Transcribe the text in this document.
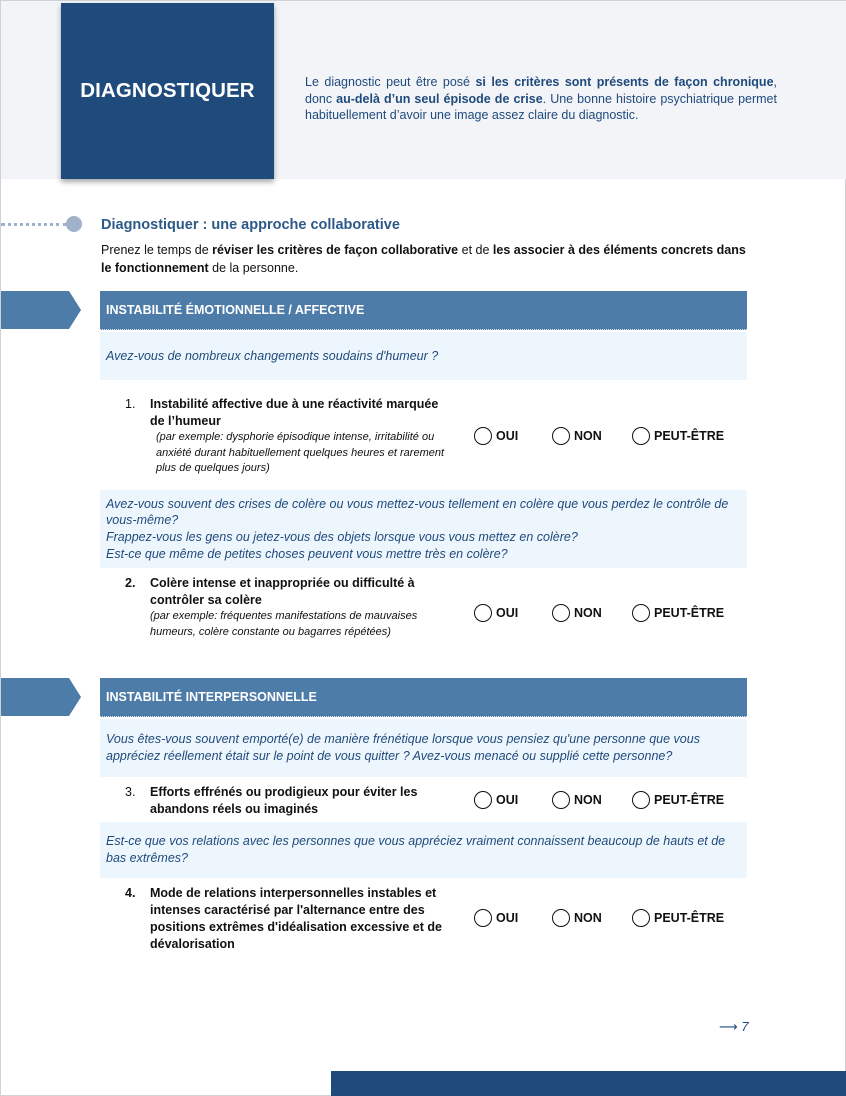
DIAGNOSTIQUER	Le diagnostic peut être posé si les critères sont présents de façon chronique, donc au-delà d’un seul épisode de crise. Une bonne histoire psychiatrique permet habituellement d’avoir une image assez claire du diagnostic.

Diagnostiquer : une approche collaborative

Prenez le temps de réviser les critères de façon collaborative et de les associer à des éléments concrets dans le fonctionnement de la personne.

INSTABILITÉ ÉMOTIONNELLE / AFFECTIVE
Avez-vous de nombreux changements soudains d'humeur ?
1. Instabilité affective due à une réactivité marquée de l’humeur
(par exemple: dysphorie épisodique intense, irritabilité ou anxiété durant habituellement quelques heures et rarement plus de quelques jours)
OUI	NON	PEUT-ÊTRE
Avez-vous souvent des crises de colère ou vous mettez-vous tellement en colère que vous perdez le contrôle de vous-même?
Frappez-vous les gens ou jetez-vous des objets lorsque vous vous mettez en colère?
Est-ce que même de petites choses peuvent vous mettre très en colère?
2. Colère intense et inappropriée ou difficulté à contrôler sa colère
(par exemple: fréquentes manifestations de mauvaises humeurs, colère constante ou bagarres répétées)
OUI	NON	PEUT-ÊTRE
INSTABILITÉ INTERPERSONNELLE
Vous êtes-vous souvent emporté(e) de manière frénétique lorsque vous pensiez qu'une personne que vous appréciez réellement était sur le point de vous quitter ? Avez-vous menacé ou supplié cette personne?
3. Efforts effrénés ou prodigieux pour éviter les abandons réels ou imaginés
OUI	NON	PEUT-ÊTRE
Est-ce que vos relations avec les personnes que vous appréciez vraiment connaissent beaucoup de hauts et de bas extrêmes?
4. Mode de relations interpersonnelles instables et intenses caractérisé par l'alternance entre des positions extrêmes d'idéalisation excessive et de dévalorisation
OUI	NON	PEUT-ÊTRE
⟶ 7
